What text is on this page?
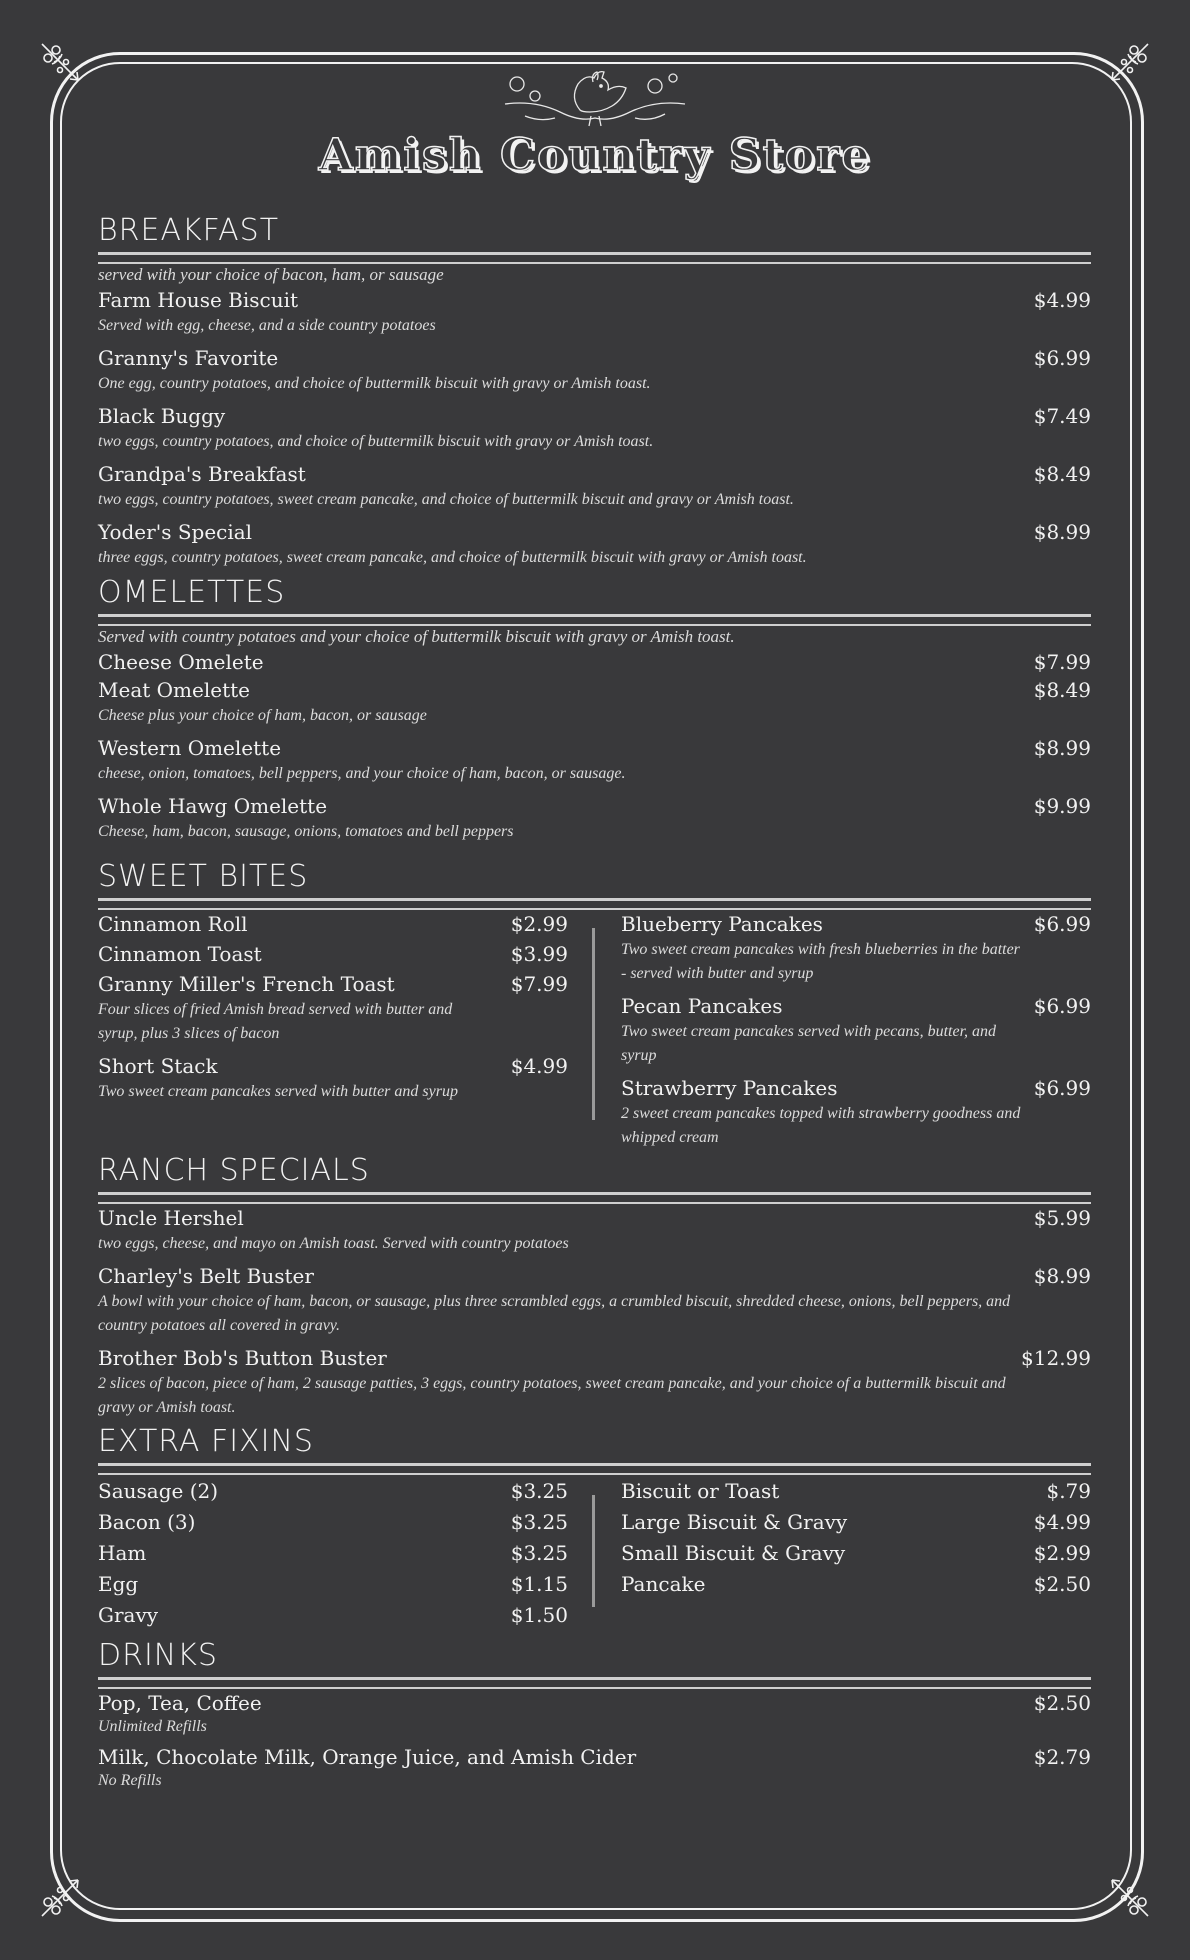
Amish Country Store
BREAKFAST
served with your choice of bacon, ham, or sausage
Farm House Biscuit	$4.99
Served with egg, cheese, and a side country potatoes
Granny's Favorite	$6.99
One egg, country potatoes, and choice of buttermilk biscuit with gravy or Amish toast.
Black Buggy	$7.49
two eggs, country potatoes, and choice of buttermilk biscuit with gravy or Amish toast.
Grandpa's Breakfast	$8.49
two eggs, country potatoes, sweet cream pancake, and choice of buttermilk biscuit and gravy or Amish toast.
Yoder's Special	$8.99
three eggs, country potatoes, sweet cream pancake, and choice of buttermilk biscuit with gravy or Amish toast.
OMELETTES
Served with country potatoes and your choice of buttermilk biscuit with gravy or Amish toast.
Cheese Omelete	$7.99
Meat Omelette	$8.49
Cheese plus your choice of ham, bacon, or sausage
Western Omelette	$8.99
cheese, onion, tomatoes, bell peppers, and your choice of ham, bacon, or sausage.
Whole Hawg Omelette	$9.99
Cheese, ham, bacon, sausage, onions, tomatoes and bell peppers
SWEET BITES
Cinnamon Roll	$2.99
Cinnamon Toast	$3.99
Granny Miller's French Toast	$7.99
Four slices of fried Amish bread served with butter and syrup, plus 3 slices of bacon
Short Stack	$4.99
Two sweet cream pancakes served with butter and syrup
Blueberry Pancakes	$6.99
Two sweet cream pancakes with fresh blueberries in the batter - served with butter and syrup
Pecan Pancakes	$6.99
Two sweet cream pancakes served with pecans, butter, and syrup
Strawberry Pancakes	$6.99
2 sweet cream pancakes topped with strawberry goodness and whipped cream
RANCH SPECIALS
Uncle Hershel	$5.99
two eggs, cheese, and mayo on Amish toast. Served with country potatoes
Charley's Belt Buster	$8.99
A bowl with your choice of ham, bacon, or sausage, plus three scrambled eggs, a crumbled biscuit, shredded cheese, onions, bell peppers, and country potatoes all covered in gravy.
Brother Bob's Button Buster	$12.99
2 slices of bacon, piece of ham, 2 sausage patties, 3 eggs, country potatoes, sweet cream pancake, and your choice of a buttermilk biscuit and gravy or Amish toast.
EXTRA FIXINS
Sausage (2)	$3.25
Bacon (3)	$3.25
Ham	$3.25
Egg	$1.15
Gravy	$1.50
Biscuit or Toast	$.79
Large Biscuit & Gravy	$4.99
Small Biscuit & Gravy	$2.99
Pancake	$2.50
DRINKS
Pop, Tea, Coffee	$2.50
Unlimited Refills
Milk, Chocolate Milk, Orange Juice, and Amish Cider	$2.79
No Refills
